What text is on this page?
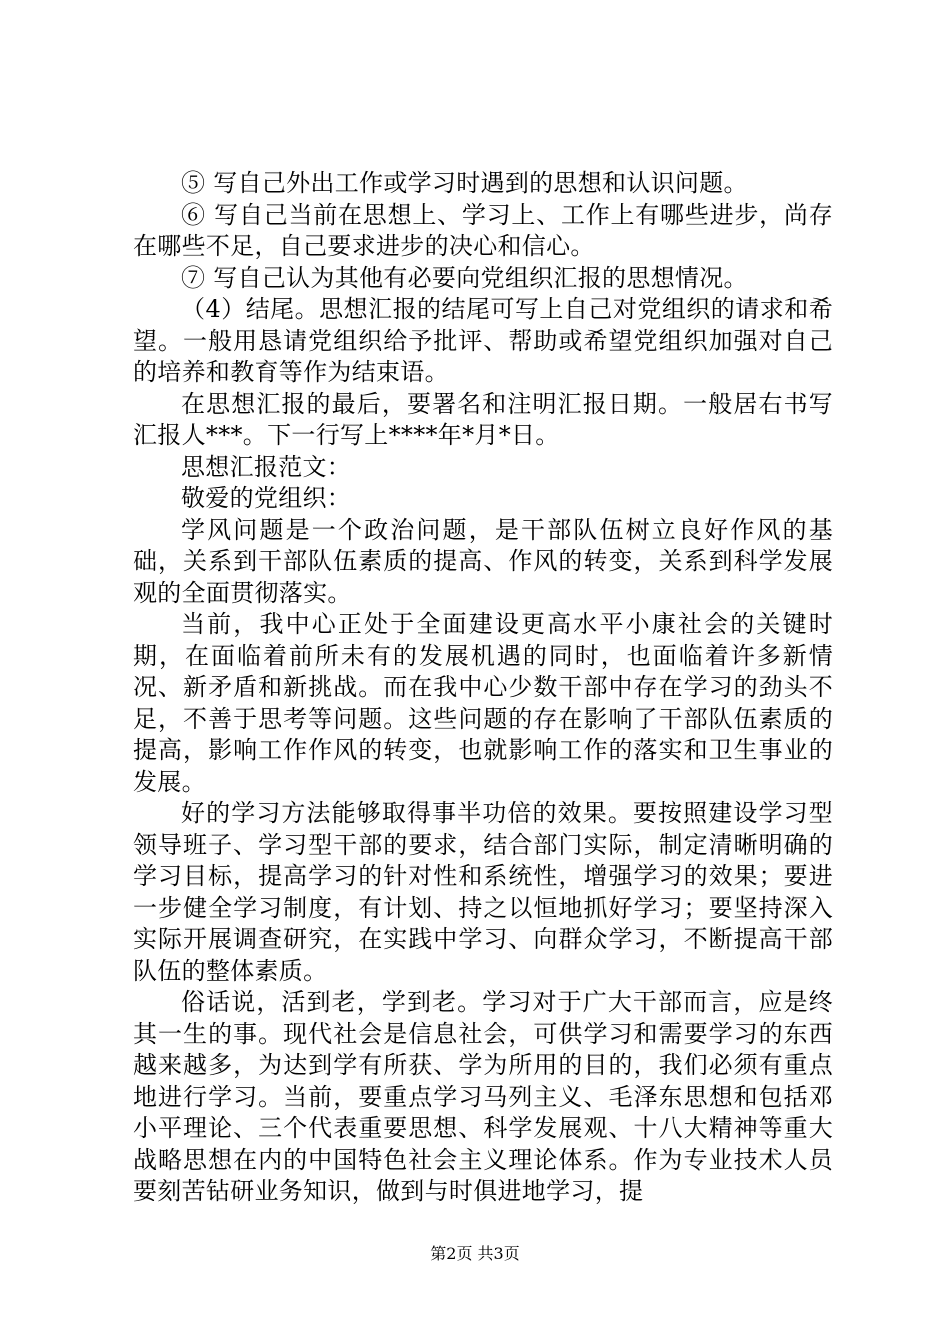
⑤ 写自己外出工作或学习时遇到的思想和认识问题。

⑥ 写自己当前在思想上、学习上、工作上有哪些进步，尚存在哪些不足，自己要求进步的决心和信心。

⑦ 写自己认为其他有必要向党组织汇报的思想情况。

（4）结尾。思想汇报的结尾可写上自己对党组织的请求和希望。一般用恳请党组织给予批评、帮助或希望党组织加强对自己的培养和教育等作为结束语。

在思想汇报的最后，要署名和注明汇报日期。一般居右书写汇报人***。下一行写上****年*月*日。

思想汇报范文：

敬爱的党组织：

学风问题是一个政治问题，是干部队伍树立良好作风的基础，关系到干部队伍素质的提高、作风的转变，关系到科学发展观的全面贯彻落实。

当前，我中心正处于全面建设更高水平小康社会的关键时期，在面临着前所未有的发展机遇的同时，也面临着许多新情况、新矛盾和新挑战。而在我中心少数干部中存在学习的劲头不足，不善于思考等问题。这些问题的存在影响了干部队伍素质的提高，影响工作作风的转变，也就影响工作的落实和卫生事业的发展。

好的学习方法能够取得事半功倍的效果。要按照建设学习型领导班子、学习型干部的要求，结合部门实际，制定清晰明确的学习目标，提高学习的针对性和系统性，增强学习的效果；要进一步健全学习制度，有计划、持之以恒地抓好学习；要坚持深入实际开展调查研究，在实践中学习、向群众学习，不断提高干部队伍的整体素质。

俗话说，活到老，学到老。学习对于广大干部而言，应是终其一生的事。现代社会是信息社会，可供学习和需要学习的东西越来越多，为达到学有所获、学为所用的目的，我们必须有重点地进行学习。当前，要重点学习马列主义、毛泽东思想和包括邓小平理论、三个代表重要思想、科学发展观、十八大精神等重大战略思想在内的中国特色社会主义理论体系。作为专业技术人员要刻苦钻研业务知识，做到与时俱进地学习，提

第2页 共3页
